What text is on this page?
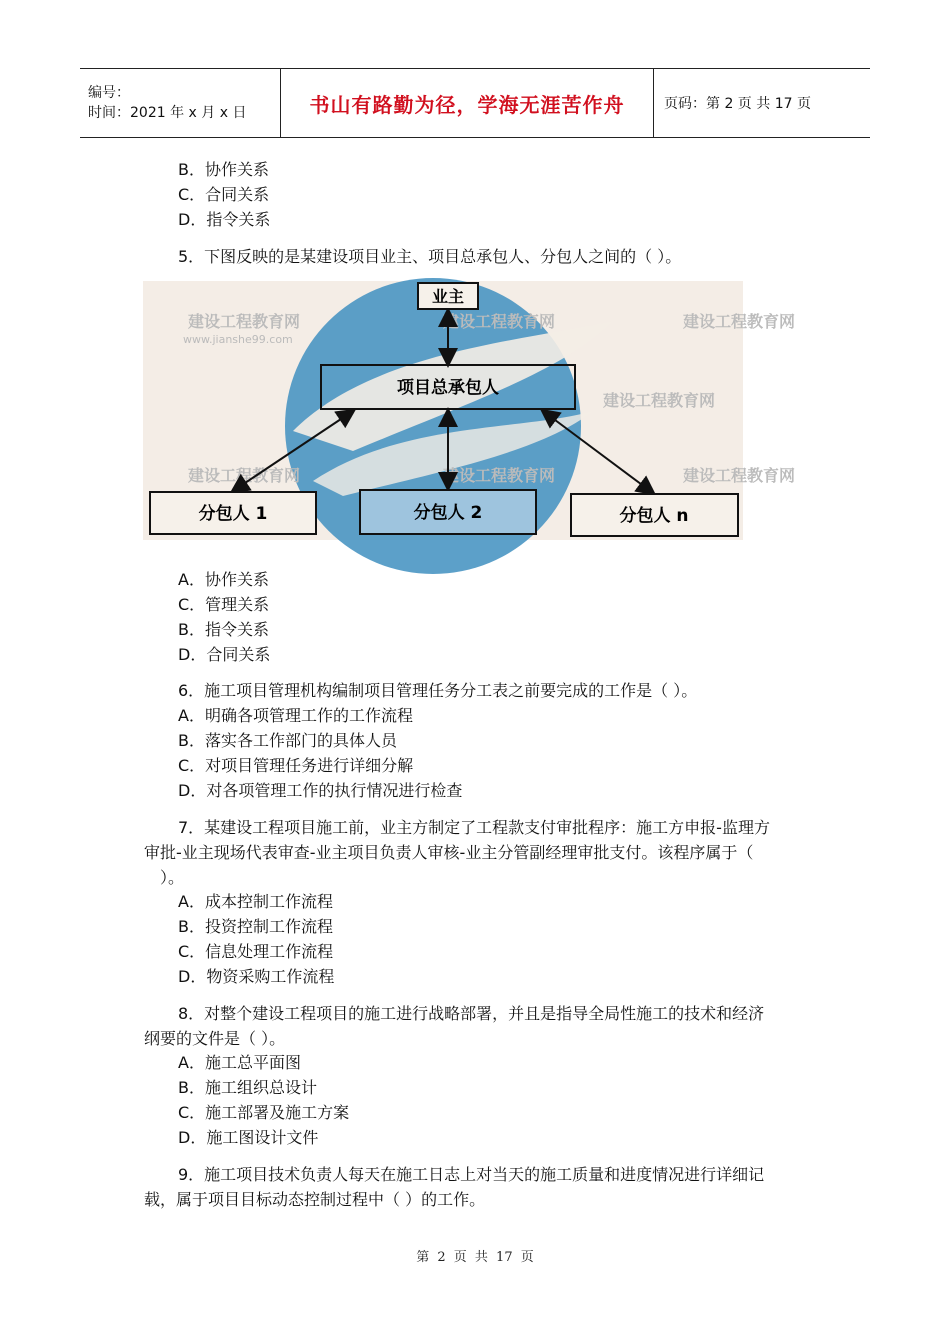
编号：
时间：2021 年 x 月 x 日	书山有路勤为径，学海无涯苦作舟	页码：第 2 页 共 17 页
B．协作关系
C．合同关系
D．指令关系
5．下图反映的是某建设项目业主、项目总承包人、分包人之间的（ ）。
建设工程教育网
www.jianshe99.com
建设工程教育网	建设工程教育网
建设工程教育网
建设工程教育网	建设工程教育网	建设工程教育网
业主
项目总承包人
分包人 1	分包人 2	分包人 n
A．协作关系
C．管理关系
B．指令关系
D．合同关系
6．施工项目管理机构编制项目管理任务分工表之前要完成的工作是（ ）。
A．明确各项管理工作的工作流程
B．落实各工作部门的具体人员
C．对项目管理任务进行详细分解
D．对各项管理工作的执行情况进行检查
7．某建设工程项目施工前，业主方制定了工程款支付审批程序：施工方申报-监理方
审批-业主现场代表审查-业主项目负责人审核-业主分管副经理审批支付。该程序属于（
）。
A．成本控制工作流程
B．投资控制工作流程
C．信息处理工作流程
D．物资采购工作流程
8．对整个建设工程项目的施工进行战略部署，并且是指导全局性施工的技术和经济
纲要的文件是（ ）。
A．施工总平面图
B．施工组织总设计
C．施工部署及施工方案
D．施工图设计文件
9．施工项目技术负责人每天在施工日志上对当天的施工质量和进度情况进行详细记
载，属于项目目标动态控制过程中（ ）的工作。
第 2 页 共 17 页
